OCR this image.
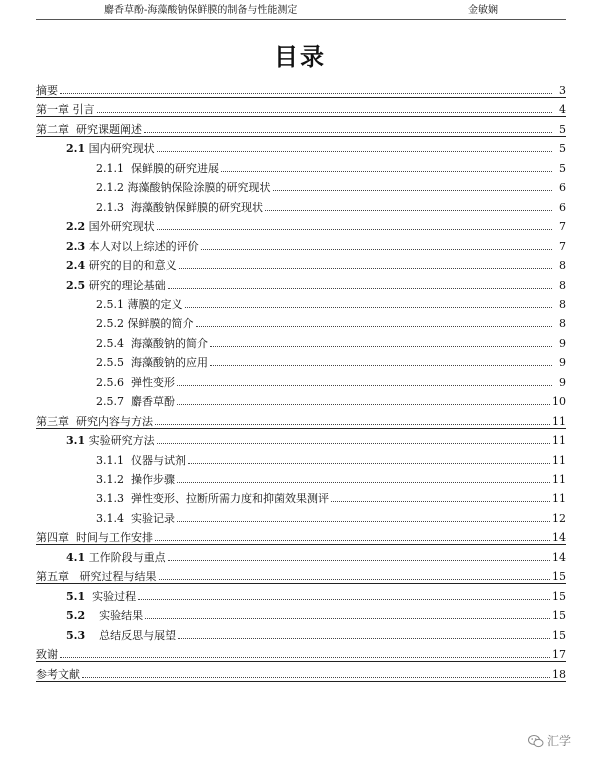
麝香草酚-海藻酸钠保鲜膜的制备与性能测定	金敏娴
目录
摘要	3
第一章 引言	4
第二章  研究课题阐述	5
2.1 国内研究现状	5
2.1.1 保鲜膜的研究进展	5
2.1.2 海藻酸钠保险涂膜的研究现状	6
2.1.3 海藻酸钠保鲜膜的研究现状	6
2.2 国外研究现状	7
2.3 本人对以上综述的评价	7
2.4 研究的目的和意义	8
2.5 研究的理论基础	8
2.5.1 薄膜的定义	8
2.5.2 保鲜膜的简介	8
2.5.4 海藻酸钠的简介	9
2.5.5 海藻酸钠的应用	9
2.5.6 弹性变形	9
2.5.7 麝香草酚	10
第三章  研究内容与方法	11
3.1 实验研究方法	11
3.1.1 仪器与试剂	11
3.1.2 操作步骤	11
3.1.3 弹性变形、拉断所需力度和抑菌效果测评	11
3.1.4 实验记录	12
第四章  时间与工作安排	14
4.1 工作阶段与重点	14
第五章   研究过程与结果	15
5.1 实验过程	15
5.2 实验结果	15
5.3 总结反思与展望	15
致谢	17
参考文献	18
汇学
